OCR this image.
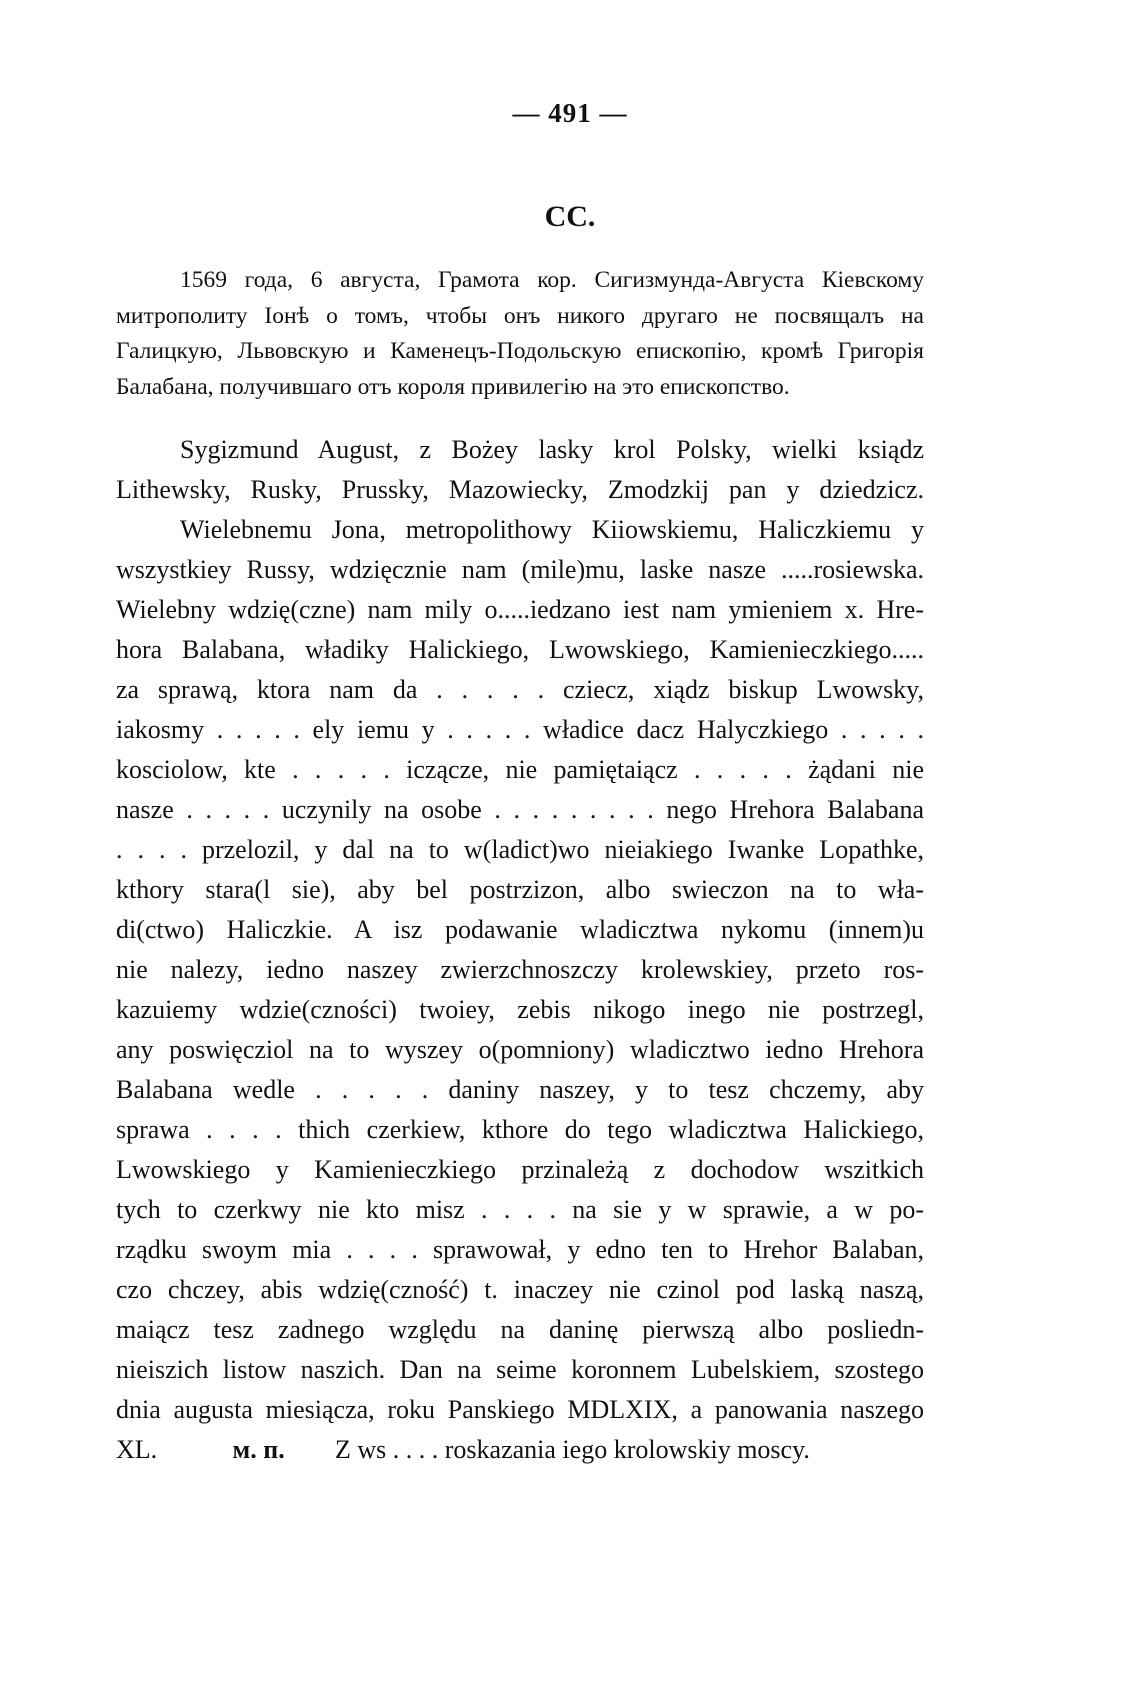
— 491 —
СС.
1569 года, 6 августа, Грамота кор. Сигизмунда-Августа Кіевскому
митрополиту Іонѣ о томъ, чтобы онъ никого другаго не посвящалъ на
Галицкую, Львовскую и Каменецъ-Подольскую епископію, кромѣ Григорія
Балабана, получившаго отъ короля привилегію на это епископство.
Sygizmund August, z Bożey lasky krol Polsky, wielki ksiądz
Lithewsky, Rusky, Prussky, Mazowiecky, Zmodzkij pan y dziedzicz.
Wielebnemu Jona, metropolithowy Kiiowskiemu, Haliczkiemu y
wszystkiey Russy, wdzięcznie nam (mile)mu, laske nasze .....rosiewska.
Wielebny wdzię(czne) nam mily o.....iedzano iest nam ymieniem x. Hre-
hora Balabana, władiky Halickiego, Lwowskiego, Kamienieczkiego.....
za sprawą, ktora nam da . . . . . cziecz, xiądz biskup Lwowsky,
iakosmy . . . . . ely iemu y . . . . . władice dacz Halyczkiego . . . . .
kosciolow, kte . . . . . iczącze, nie pamiętaiącz . . . . . żądani nie
nasze . . . . . uczynily na osobe . . . . . . . . . nego Hrehora Balabana
. . . . przelozil, y dal na to w(ladict)wo nieiakiego Iwanke Lopathke,
kthory stara(l sie), aby bel postrzizon, albo swieczon na to wła-
di(ctwo) Haliczkie. A isz podawanie wladicztwa nykomu (innem)u
nie nalezy, iedno naszey zwierzchnoszczy krolewskiey, przeto ros-
kazuiemy wdzie(czności) twoiey, zebis nikogo inego nie postrzegl,
any poswięcziol na to wyszey o(pomniony) wladicztwo iedno Hrehora
Balabana wedle . . . . . daniny naszey, y to tesz chczemy, aby
sprawa . . . . thich czerkiew, kthore do tego wladicztwa Halickiego,
Lwowskiego y Kamienieczkiego przinależą z dochodow wszitkich
tych to czerkwy nie kto misz . . . . na sie y w sprawie, a w po-
rządku swoym mia . . . . sprawował, y edno ten to Hrehor Balaban,
czo chczey, abis wdzię(czność) t. inaczey nie czinol pod laską naszą,
maiącz tesz zadnego względu na daninę pierwszą albo posliedn-
nieiszich listow naszich. Dan na seime koronnem Lubelskiem, szostego
dnia augusta miesiącza, roku Panskiego MDLXIX, a panowania naszego
XL.	м. п. Z ws . . . . roskazania iego krolowskiy moscy.
